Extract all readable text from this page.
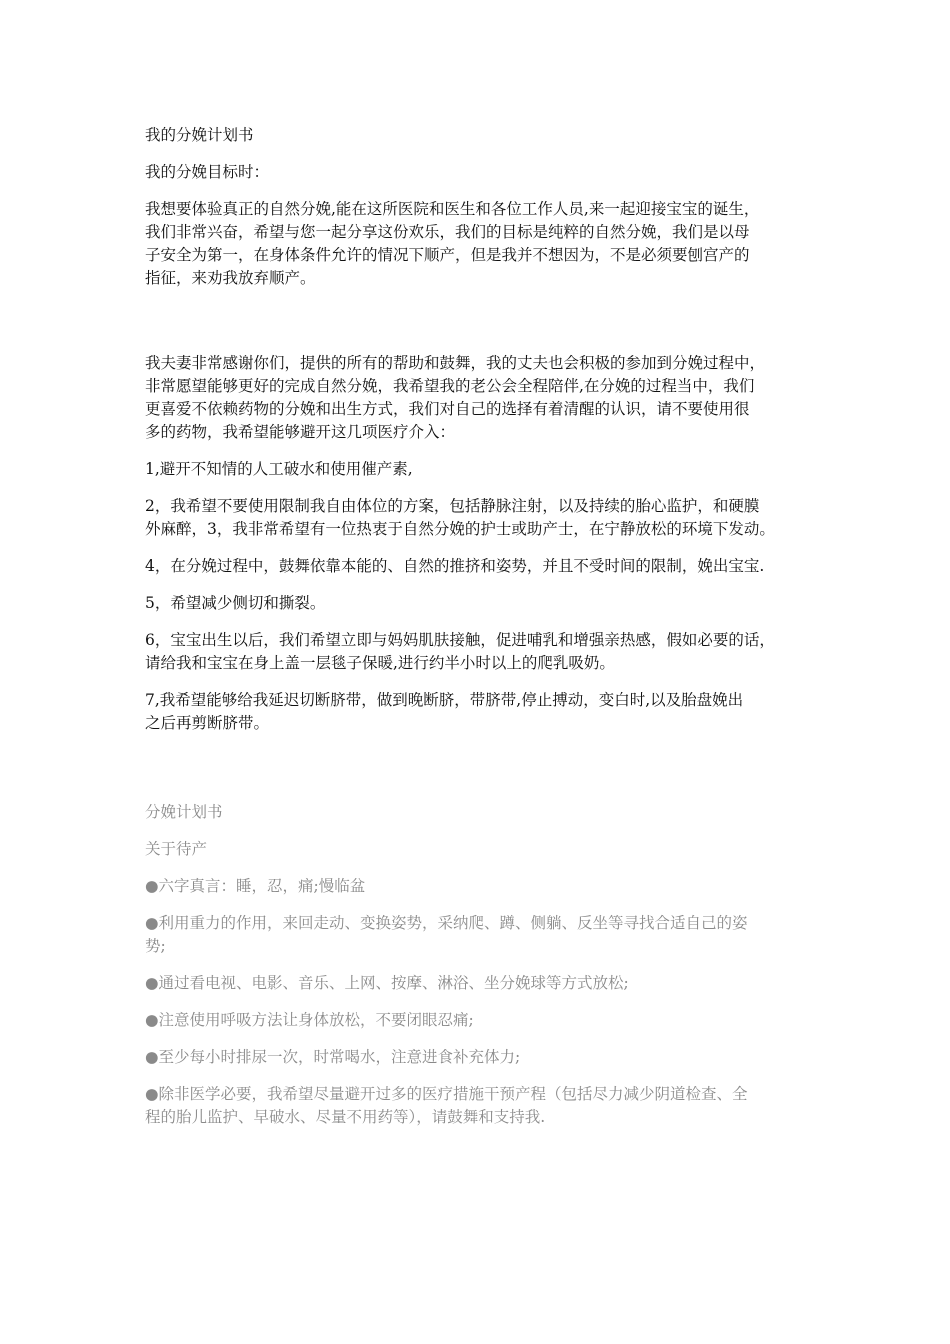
我的分娩计划书

我的分娩目标时：

我想要体验真正的自然分娩,能在这所医院和医生和各位工作人员,来一起迎接宝宝的诞生，
我们非常兴奋，希望与您一起分享这份欢乐，我们的目标是纯粹的自然分娩，我们是以母
子安全为第一，在身体条件允许的情况下顺产，但是我并不想因为，不是必须要刨宫产的
指征，来劝我放弃顺产。

我夫妻非常感谢你们，提供的所有的帮助和鼓舞，我的丈夫也会积极的参加到分娩过程中，
非常愿望能够更好的完成自然分娩，我希望我的老公会全程陪伴,在分娩的过程当中，我们
更喜爱不依赖药物的分娩和出生方式，我们对自己的选择有着清醒的认识，请不要使用很
多的药物，我希望能够避开这几项医疗介入：

1,避开不知情的人工破水和使用催产素,

2，我希望不要使用限制我自由体位的方案，包括静脉注射，以及持续的胎心监护，和硬膜
外麻醉，3，我非常希望有一位热衷于自然分娩的护士或助产士，在宁静放松的环境下发动。

4，在分娩过程中，鼓舞依靠本能的、自然的推挤和姿势，并且不受时间的限制，娩出宝宝.

5，希望减少侧切和撕裂。

6，宝宝出生以后，我们希望立即与妈妈肌肤接触，促进哺乳和增强亲热感，假如必要的话，
请给我和宝宝在身上盖一层毯子保暖,进行约半小时以上的爬乳吸奶。

7,我希望能够给我延迟切断脐带，做到晚断脐，带脐带,停止搏动，变白时,以及胎盘娩出
之后再剪断脐带。

分娩计划书

关于待产

●六字真言：睡，忍，痛;慢临盆

●利用重力的作用，来回走动、变换姿势，采纳爬、蹲、侧躺、反坐等寻找合适自己的姿
势;

●通过看电视、电影、音乐、上网、按摩、淋浴、坐分娩球等方式放松;

●注意使用呼吸方法让身体放松，不要闭眼忍痛;

●至少每小时排尿一次，时常喝水，注意进食补充体力;

●除非医学必要，我希望尽量避开过多的医疗措施干预产程（包括尽力减少阴道检查、全
程的胎儿监护、早破水、尽量不用药等），请鼓舞和支持我.
